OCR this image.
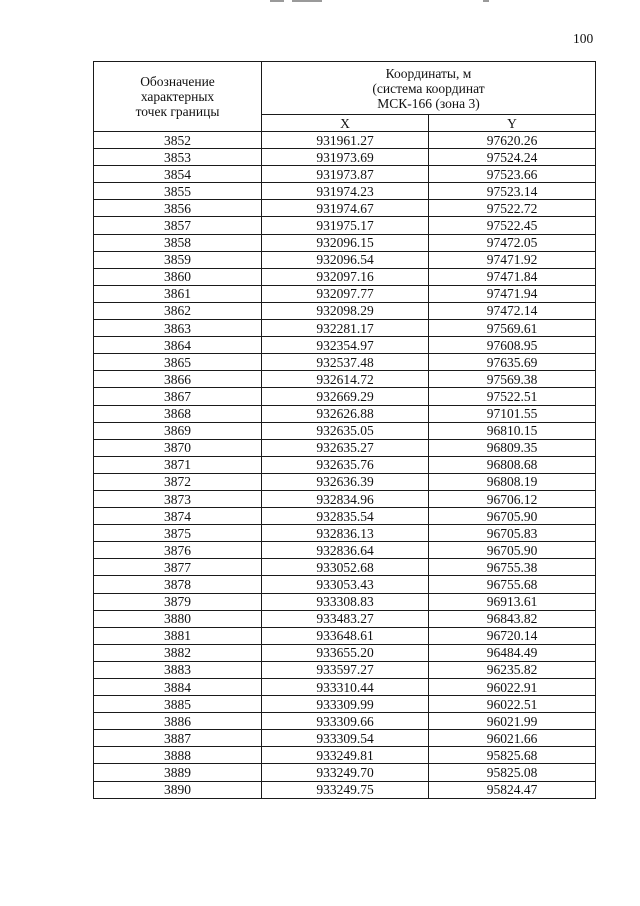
100
Обозначение
характерных
точек границы	Координаты, м
(система координат
МСК-166 (зона 3)	
	X	Y
3852	931961.27	97620.26
3853	931973.69	97524.24
3854	931973.87	97523.66
3855	931974.23	97523.14
3856	931974.67	97522.72
3857	931975.17	97522.45
3858	932096.15	97472.05
3859	932096.54	97471.92
3860	932097.16	97471.84
3861	932097.77	97471.94
3862	932098.29	97472.14
3863	932281.17	97569.61
3864	932354.97	97608.95
3865	932537.48	97635.69
3866	932614.72	97569.38
3867	932669.29	97522.51
3868	932626.88	97101.55
3869	932635.05	96810.15
3870	932635.27	96809.35
3871	932635.76	96808.68
3872	932636.39	96808.19
3873	932834.96	96706.12
3874	932835.54	96705.90
3875	932836.13	96705.83
3876	932836.64	96705.90
3877	933052.68	96755.38
3878	933053.43	96755.68
3879	933308.83	96913.61
3880	933483.27	96843.82
3881	933648.61	96720.14
3882	933655.20	96484.49
3883	933597.27	96235.82
3884	933310.44	96022.91
3885	933309.99	96022.51
3886	933309.66	96021.99
3887	933309.54	96021.66
3888	933249.81	95825.68
3889	933249.70	95825.08
3890	933249.75	95824.47
